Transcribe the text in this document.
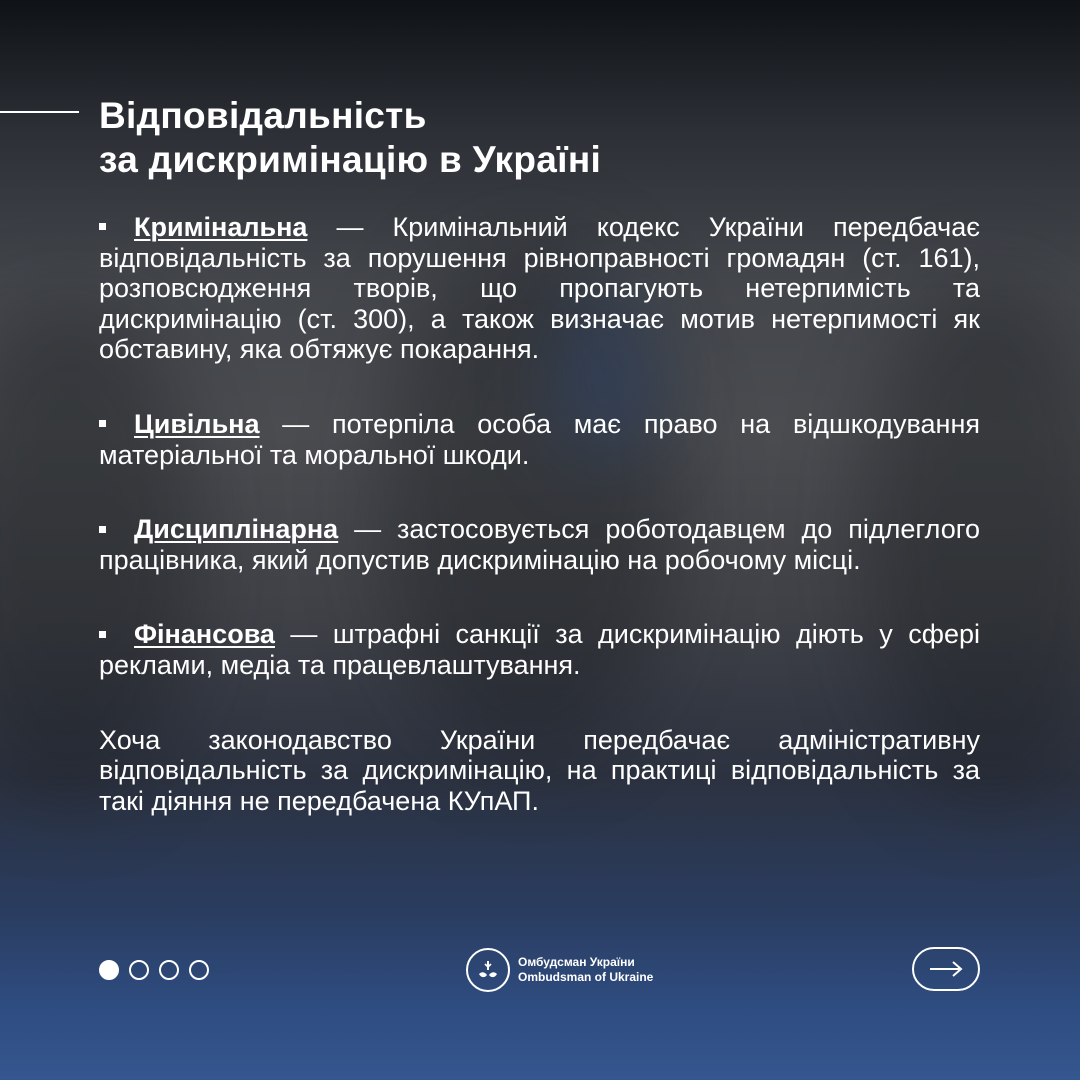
Відповідальність
за дискримінацію в Україні

Кримінальна — Кримінальний кодекс України передбачає відповідальність за порушення рівноправності громадян (ст. 161), розповсюдження творів, що пропагують нетерпимість та дискримінацію (ст. 300), а також визначає мотив нетерпимості як обставину, яка обтяжує покарання.

Цивільна — потерпіла особа має право на відшкодування матеріальної та моральної шкоди.

Дисциплінарна — застосовується роботодавцем до підлеглого працівника, який допустив дискримінацію на робочому місці.

Фінансова — штрафні санкції за дискримінацію діють у сфері реклами, медіа та працевлаштування.

Хоча законодавство України передбачає адміністративну відповідальність за дискримінацію, на практиці відповідальність за такі діяння не передбачена КУпАП.

Омбудсман України
Ombudsman of Ukraine
